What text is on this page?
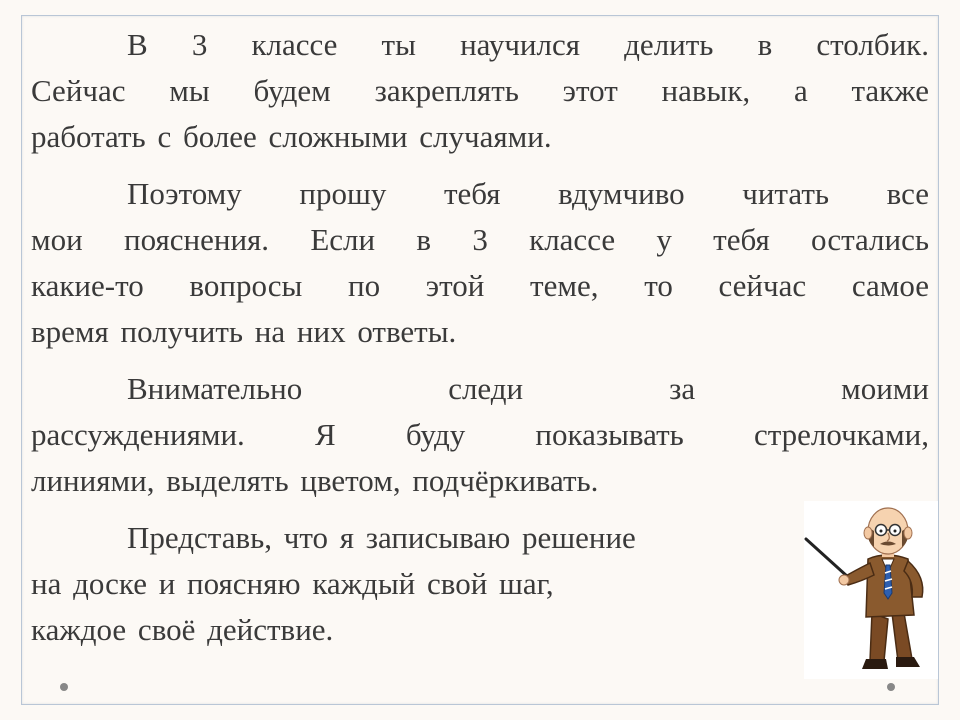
В 3 классе ты научился делить в столбик.
Сейчас мы будем закреплять этот навык, а также
работать с более сложными случаями.

Поэтому прошу тебя вдумчиво читать все
мои пояснения. Если в 3 классе у тебя остались
какие-то вопросы по этой теме, то сейчас самое
время получить на них ответы.

Внимательно следи за моими
рассуждениями. Я буду показывать стрелочками,
линиями, выделять цветом, подчёркивать.

Представь, что я записываю решение
на доске и поясняю каждый свой шаг,
каждое своё действие.
